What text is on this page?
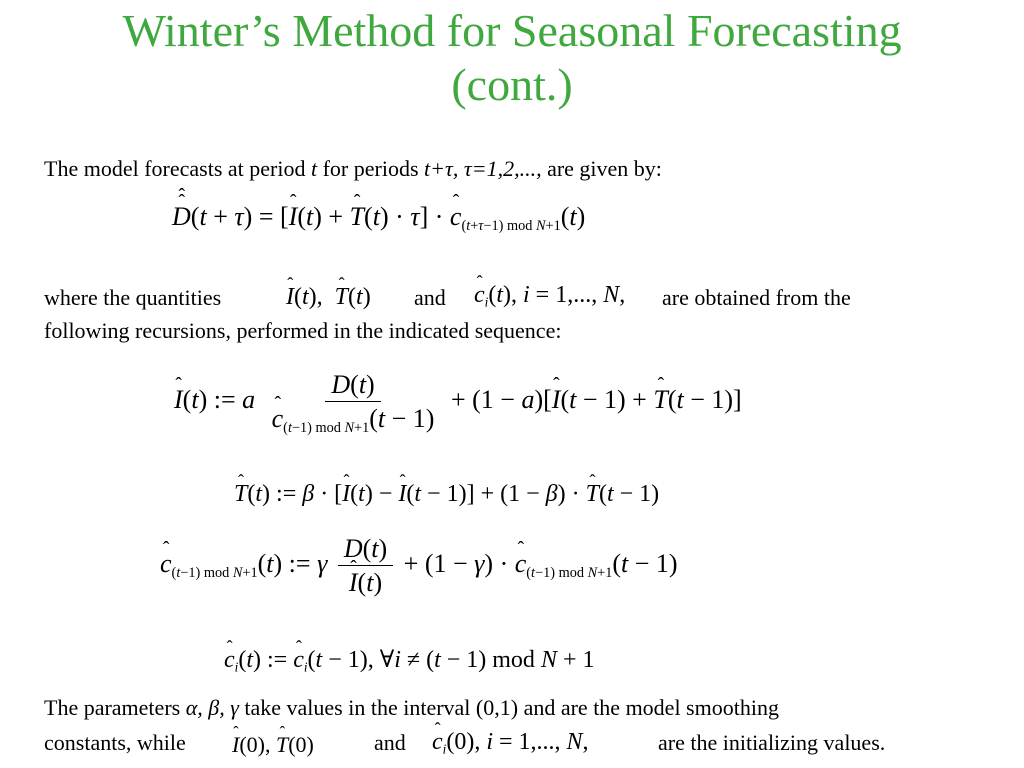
Winter’s Method for Seasonal Forecasting
(cont.)
The model forecasts at period t for periods t+τ, τ=1,2,..., are given by:
ˆ D ˆ(t + τ) = [ˆ I(t) + ˆ T(t) · τ] · ˆ $c_{(t+\tau-1) mod N+1}(t)$
where the quantities	ˆ I(t),  ˆ T(t) and ˆ $c_i(t)$, i = 1,..., N, are obtained from the
following recursions, performed in the indicated sequence:
ˆ I(t) := a D(t)
ˆ $c_{(t-1) mod N+1}(t - 1) + (1$ − a)[ˆ I(t − 1) + ˆ T(t − 1)]
ˆ T(t) := β · [ˆ I(t) − ˆ I(t − 1)] + (1 − β) · ˆ T(t − 1)
ˆ $c_{(t-1) mod N+1}(t)$ := γ D(t)
ˆ I(t) + (1 − γ) · ˆ $c_{(t-1) mod N+1}(t - 1)$
ˆ $c_i(t)$ := ˆ $c_i(t - 1)$, ∀i ≠ (t − 1) mod N + 1
The parameters α, β, γ take values in the interval (0,1) and are the model smoothing
constants, while ˆ I(0), ˆ T(0)	and ˆ $c_i(0)$, i = 1,..., N,	are the initializing values.
